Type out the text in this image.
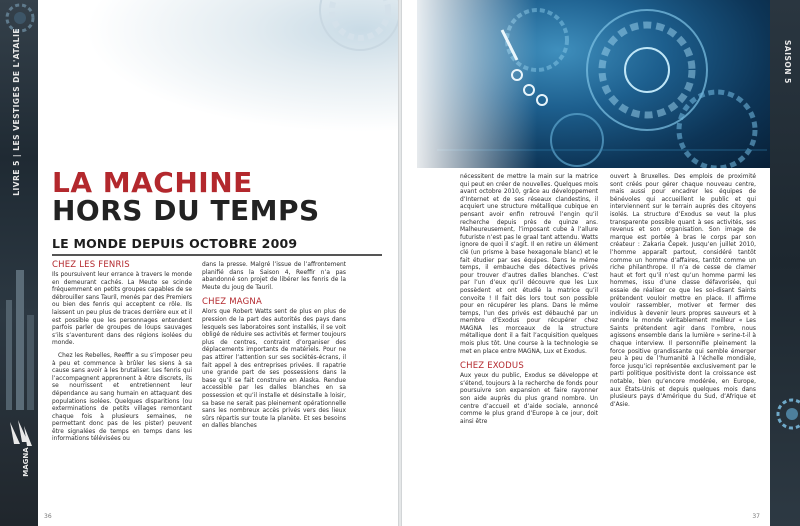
LIVRE 5 | LES VESTIGES DE L'ATALIE
MAGNA
LA MACHINE
HORS DU TEMPS
LE MONDE DEPUIS OCTOBRE 2009
CHEZ LES FENRIS

Ils poursuivent leur errance à travers le monde en demeurant cachés. La Meute se scinde fréquemment en petits groupes capables de se débrouiller sans Tauril, menés par des Premiers ou bien des fenris qui acceptent ce rôle. Ils laissent un peu plus de traces derrière eux et il est possible que les personnages entendent parfois parler de groupes de loups sauvages s’ils s’aventurent dans des régions isolées du monde.

Chez les Rebelles, Reeffir a su s’imposer peu à peu et commence à brûler les siens à sa cause sans avoir à les brutaliser. Les fenris qui l’accompagnent apprennent à être discrets, ils se nourrissent et entretiennent leur dépendance au sang humain en attaquant des populations isolées. Quelques disparitions (ou exterminations de petits villages remontant chaque fois à plusieurs semaines, ne permettant donc pas de les pister) peuvent être signalées de temps en temps dans les informations télévisées ou

dans la presse. Malgré l’issue de l’affrontement planifié dans la Saison 4, Reeffir n’a pas abandonné son projet de libérer les fenris de la Meute du joug de Tauril.

CHEZ MAGNA

Alors que Robert Watts sent de plus en plus de pression de la part des autorités des pays dans lesquels ses laboratoires sont installés, il se voit obligé de réduire ses activités et fermer toujours plus de centres, contraint d’organiser des déplacements importants de matériels. Pour ne pas attirer l’attention sur ses sociétés-écrans, il fait appel à des entreprises privées. Il rapatrie une grande part de ses possessions dans la base qu’il se fait construire en Alaska. Rendue accessible par les dalles blanches en sa possession et qu’il installe et désinstalle à loisir, sa base ne serait pas pleinement opérationnelle sans les nombreux accès privés vers des lieux sûrs répartis sur toute la planète. Et ses besoins en dalles blanches

36
SAISON 5

nécessitent de mettre la main sur la matrice qui peut en créer de nouvelles. Quelques mois avant octobre 2010, grâce au développement d’Internet et de ses réseaux clandestins, il acquiert une structure métallique cubique en pensant avoir enfin retrouvé l’engin qu’il recherche depuis près de quinze ans. Malheureusement, l’imposant cube à l’allure futuriste n’est pas le graal tant attendu. Watts ignore de quoi il s’agit. Il en retire un élément clé (un prisme à base hexagonale blanc) et le fait étudier par ses équipes. Dans le même temps, il embauche des détectives privés pour trouver d’autres dalles blanches. C’est par l’un d’eux qu’il découvre que les Lux possèdent et ont étudié la matrice qu’il convoite ! Il fait dès lors tout son possible pour en récupérer les plans. Dans le même temps, l’un des privés est débauché par un membre d’Exodus pour récupérer chez MAGNA les morceaux de la structure métallique dont il a fait l’acquisition quelques mois plus tôt. Une course à la technologie se met en place entre MAGNA, Lux et Exodus.

CHEZ EXODUS

Aux yeux du public, Exodus se développe et s’étend, toujours à la recherche de fonds pour poursuivre son expansion et faire rayonner son aide auprès du plus grand nombre. Un centre d’accueil et d’aide sociale, annoncé comme le plus grand d’Europe à ce jour, doit ainsi être

ouvert à Bruxelles. Des emplois de proximité sont créés pour gérer chaque nouveau centre, mais aussi pour encadrer les équipes de bénévoles qui accueillent le public et qui interviennent sur le terrain auprès des citoyens isolés. La structure d’Exodus se veut la plus transparente possible quant à ses activités, ses revenus et son organisation. Son image de marque est portée à bras le corps par son créateur : Zakaria Čepek. Jusqu’en juillet 2010, l’homme apparaît partout, considéré tantôt comme un homme d’affaires, tantôt comme un riche philanthrope. Il n’a de cesse de clamer haut et fort qu’il n’est qu’un homme parmi les hommes, issu d’une classe défavorisée, qui essaie de réaliser ce que les soi-disant Saints prétendent vouloir mettre en place. Il affirme vouloir rassembler, motiver et fermer des individus à devenir leurs propres sauveurs et à rendre le monde véritablement meilleur « Les Saints prétendent agir dans l’ombre, nous agissons ensemble dans la lumière » serine-t-il à chaque interview. Il personnifie pleinement la force positive grandissante qui semble émerger peu à peu de l’humanité à l’échelle mondiale, force jusqu’ici représentée exclusivement par le parti politique positiviste dont la croissance est notable, bien qu’encore modérée, en Europe, aux États-Unis et depuis quelques mois dans plusieurs pays d’Amérique du Sud, d’Afrique et d’Asie.

37
